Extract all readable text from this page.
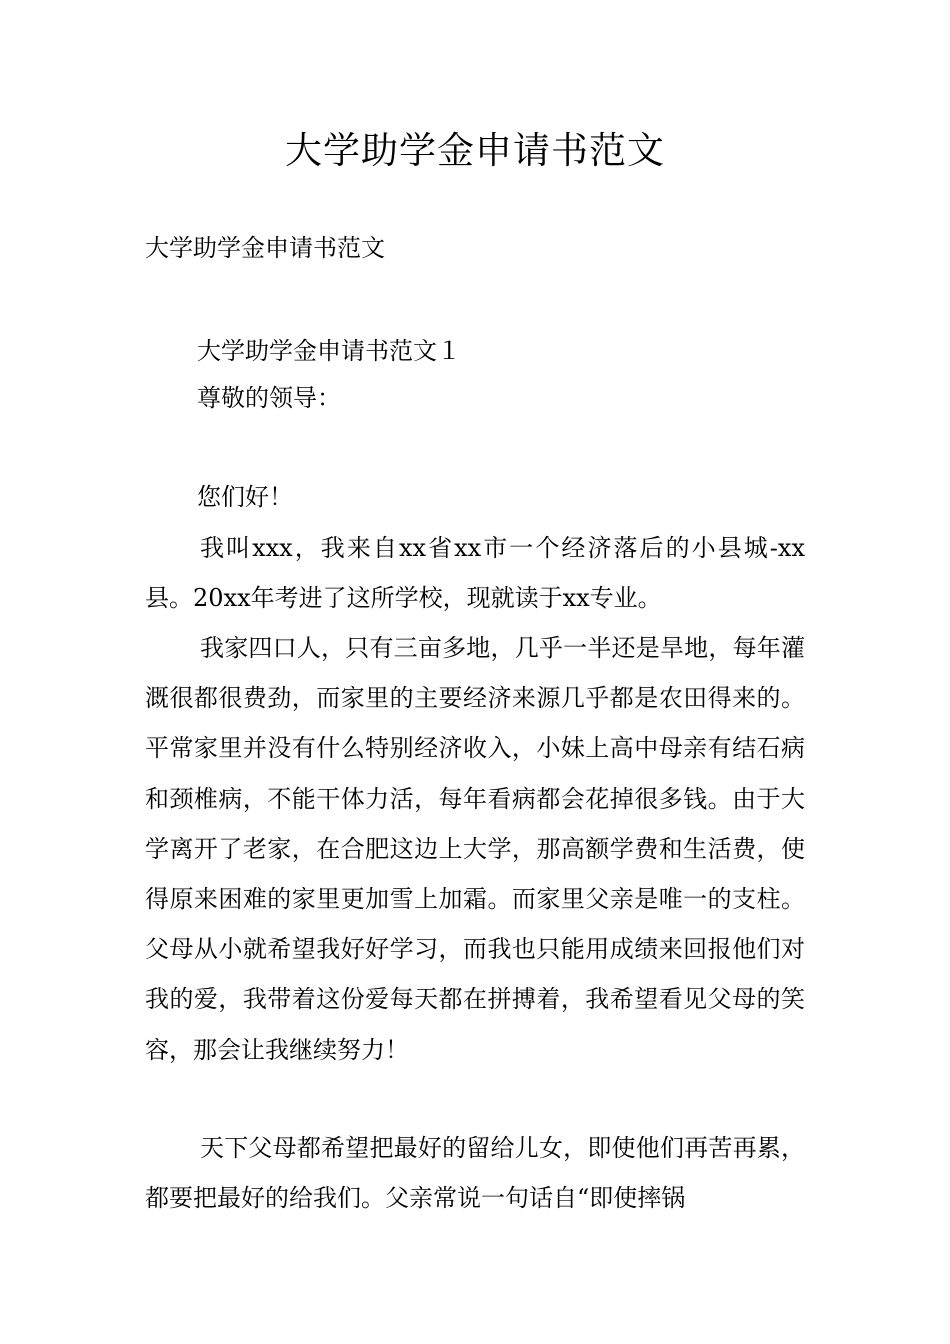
大学助学金申请书范文

大学助学金申请书范文

大学助学金申请书范文１

尊敬的领导：

您们好！

我叫xxx，我来自xx省xx市一个经济落后的小县城-xx县。20xx年考进了这所学校，现就读于xx专业。

我家四口人，只有三亩多地，几乎一半还是旱地，每年灌溉很都很费劲，而家里的主要经济来源几乎都是农田得来的。平常家里并没有什么特别经济收入，小妹上高中母亲有结石病和颈椎病，不能干体力活，每年看病都会花掉很多钱。由于大学离开了老家，在合肥这边上大学，那高额学费和生活费，使得原来困难的家里更加雪上加霜。而家里父亲是唯一的支柱。父母从小就希望我好好学习，而我也只能用成绩来回报他们对我的爱，我带着这份爱每天都在拼搏着，我希望看见父母的笑容，那会让我继续努力！

天下父母都希望把最好的留给儿女，即使他们再苦再累，都要把最好的给我们。父亲常说一句话自“即使摔锅
